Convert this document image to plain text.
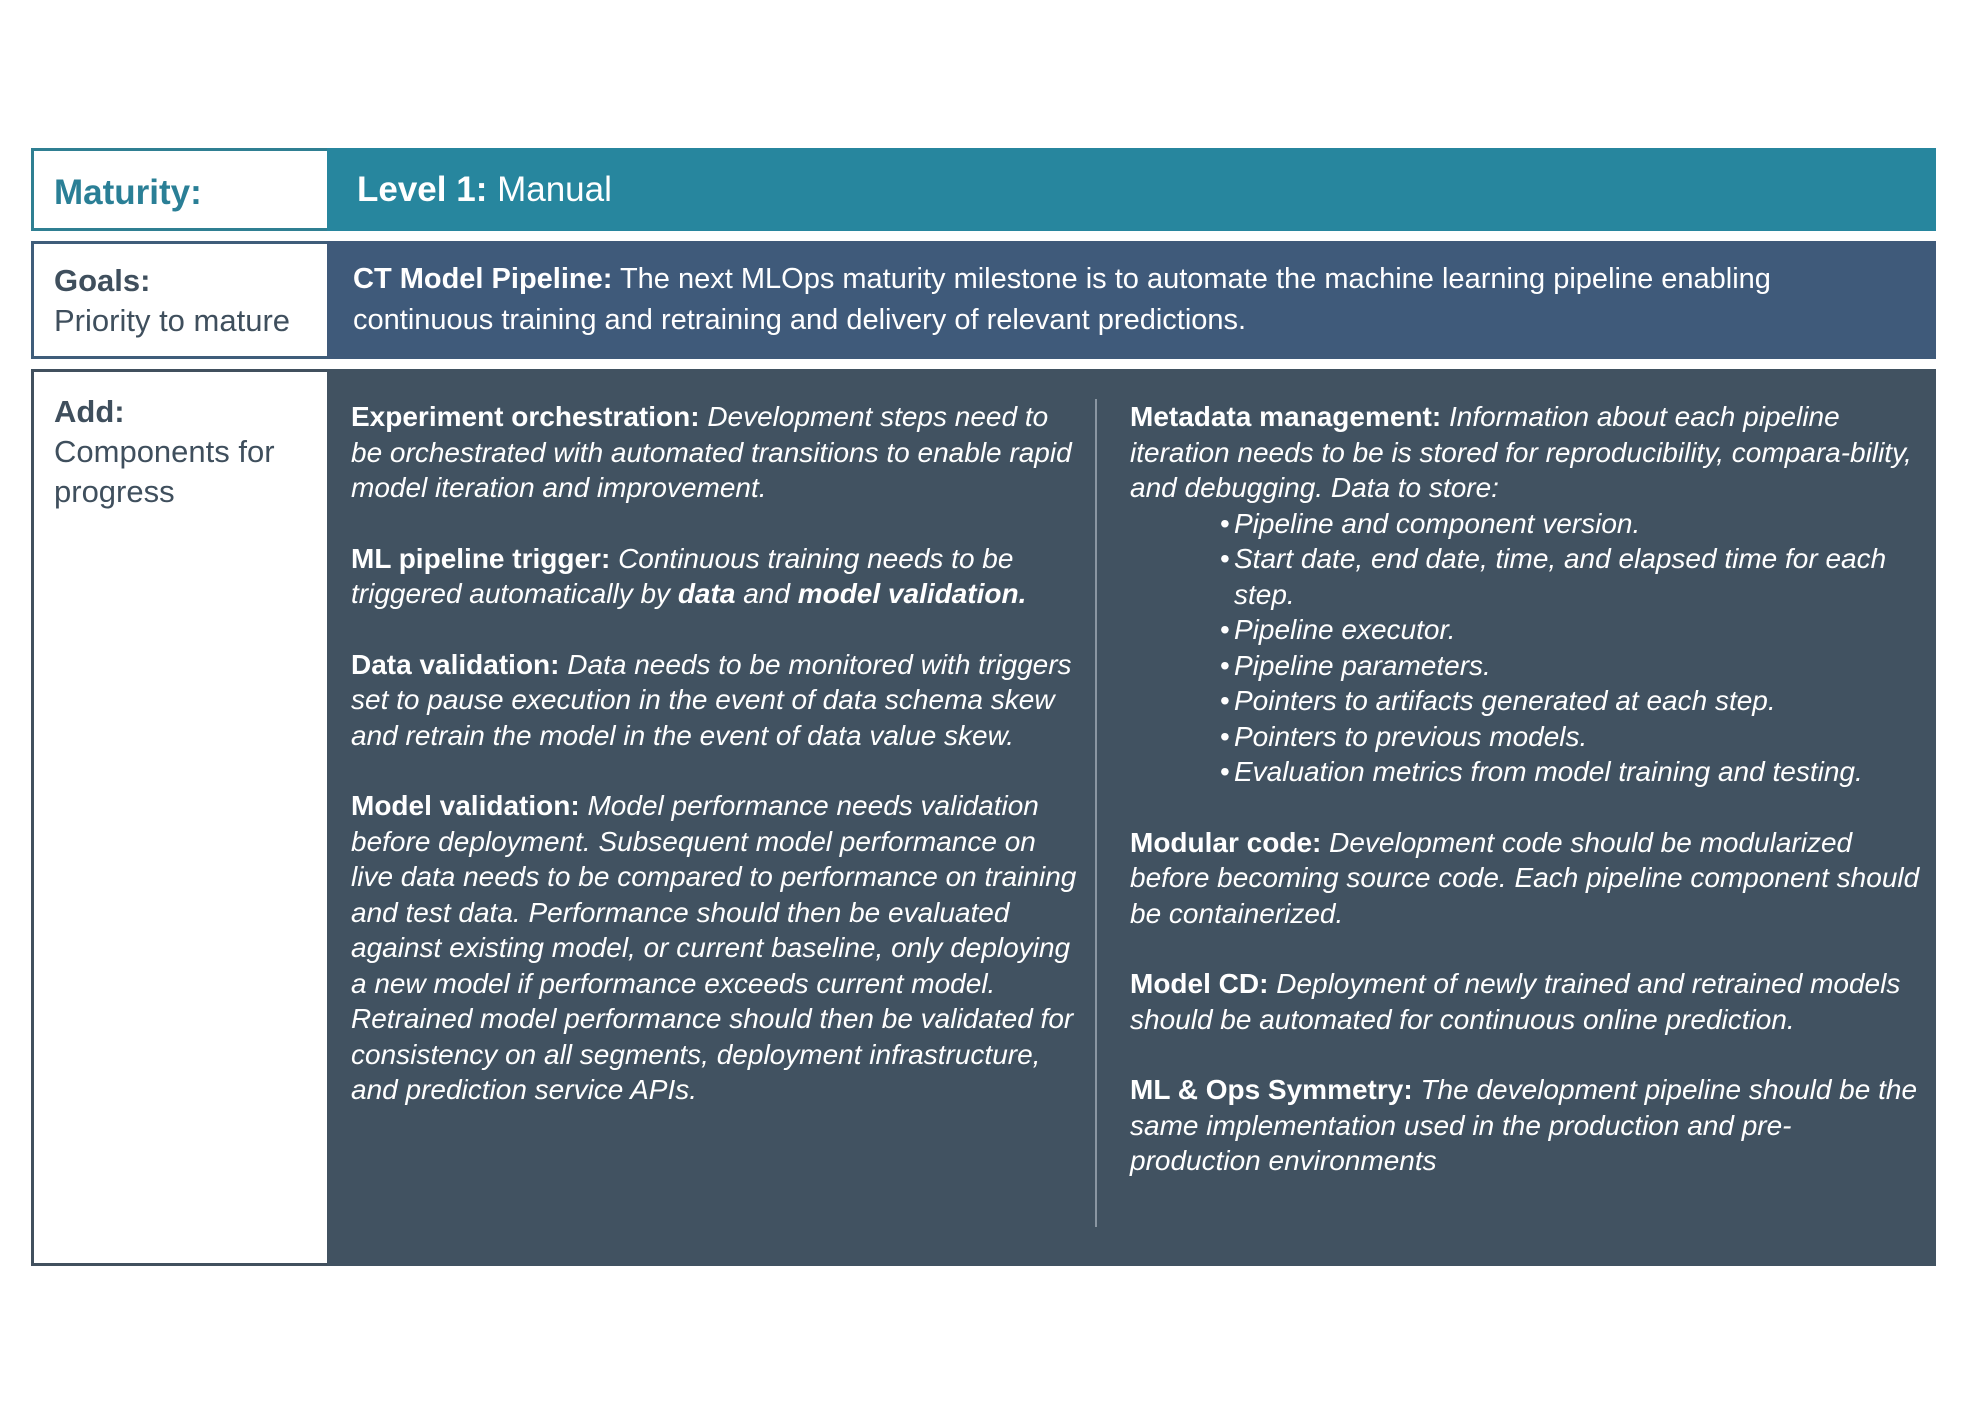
Maturity:	Level 1:
Manual
Goals:
Priority to mature
CT Model Pipeline: The next MLOps maturity milestone is to automate the machine learning pipeline enabling continuous training and retraining and delivery of relevant predictions.
Add:
Components for progress

Experiment orchestration: Development steps need to be orchestrated with automated transitions to enable rapid model iteration and improvement.

ML pipeline trigger: Continuous training needs to be triggered automatically by data and model validation.

Data validation: Data needs to be monitored with triggers set to pause execution in the event of data schema skew and retrain the model in the event of data value skew.

Model validation: Model performance needs validation before deployment. Subsequent model performance on live data needs to be compared to performance on training and test data. Performance should then be evaluated against existing model, or current baseline, only deploying a new model if performance exceeds current model. Retrained model performance should then be validated for consistency on all segments, deployment infrastructure, and prediction service APIs.

Metadata management: Information about each pipeline iteration needs to be is stored for reproducibility, compara-bility, and debugging. Data to store:
• Pipeline and component version.
• Start date, end date, time, and elapsed time for each step.
• Pipeline executor.
• Pipeline parameters.
• Pointers to artifacts generated at each step.
• Pointers to previous models.
• Evaluation metrics from model training and testing.

Modular code: Development code should be modularized before becoming source code. Each pipeline component should be containerized.

Model CD: Deployment of newly trained and retrained models should be automated for continuous online prediction.

ML & Ops Symmetry: The development pipeline should be the same implementation used in the production and pre-production environments
